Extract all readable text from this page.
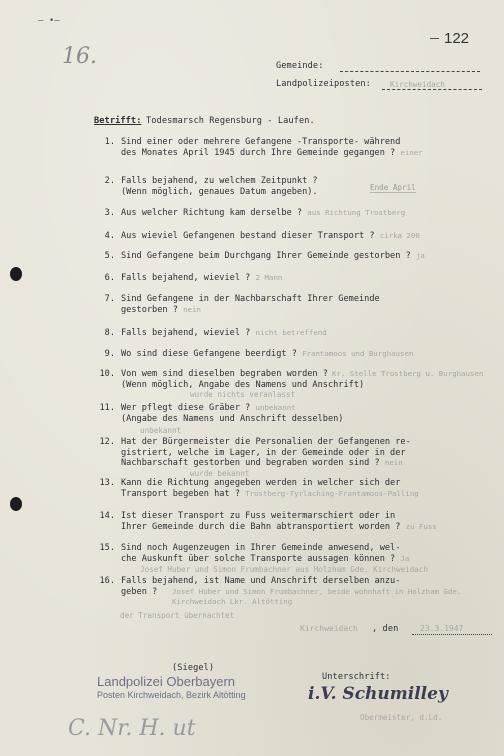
— •—
16.
122
Gemeinde:
Landpolizeiposten:	Kirchweidach
Betrifft: Todesmarsch Regensburg - Laufen.
1. Sind einer oder mehrere Gefangene -Transporte- während
des Monates April 1945 durch Ihre Gemeinde gegangen ? einer
2. Falls bejahend, zu welchem Zeitpunkt ?
(Wenn möglich, genaues Datum angeben).	Ende April
3. Aus welcher Richtung kam derselbe ? aus Richtung Trostberg
4. Aus wieviel Gefangenen bestand dieser Transport ? cirka 200
5. Sind Gefangene beim Durchgang Ihrer Gemeinde gestorben ? ja
6. Falls bejahend, wieviel ? 2 Mann
7. Sind Gefangene in der Nachbarschaft Ihrer Gemeinde
gestorben ? nein
8. Falls bejahend, wieviel ? nicht betreffend
9. Wo sind diese Gefangene beerdigt ? Frantamoos und Burghausen
10. Von wem sind dieselben begraben worden ?
(Wenn möglich, Angabe des Namens und Anschrift)
Kr. Stelle Trostberg u. Burghausen
wurde nichts veranlasst
11. Wer pflegt diese Gräber ? unbekannt
(Angabe des Namens und Anschrift desselben)
unbekannt
12. Hat der Bürgermeister die Personalien der Gefangenen re-
gistriert, welche im Lager, in der Gemeinde oder in der
Nachbarschaft gestorben und begraben worden sind ? nein
wurde bekannt
13. Kann die Richtung angegeben werden in welcher sich der
Transport begeben hat ? Trostberg-Tyrlaching-Frantamoos-Palling
14. Ist dieser Transport zu Fuss weitermarschiert oder in
Ihrer Gemeinde durch die Bahn abtransportiert worden ? zu Fuss
15. Sind noch Augenzeugen in Ihrer Gemeinde anwesend, wel-
che Auskunft über solche Transporte aussagen können ? Ja
Josef Huber und Simon Frumbachner aus Holzham Gde. Kirchweidach
16. Falls bejahend, ist Name und Anschrift derselben anzu-
geben ?	Josef Huber und Simon Frumbachner, beide wohnhaft in Holzham Gde. Kirchweidach Lkr. Altötting
der Transport übernachtet
Kirchweidach , den	23.3.1947
(Siegel)
Landpolizei Oberbayern
Posten Kirchweidach, Bezirk Altötting
Unterschrift:
i.V. Schumilley
Obermeister, d.Ld.
C. Nr. H. ut
